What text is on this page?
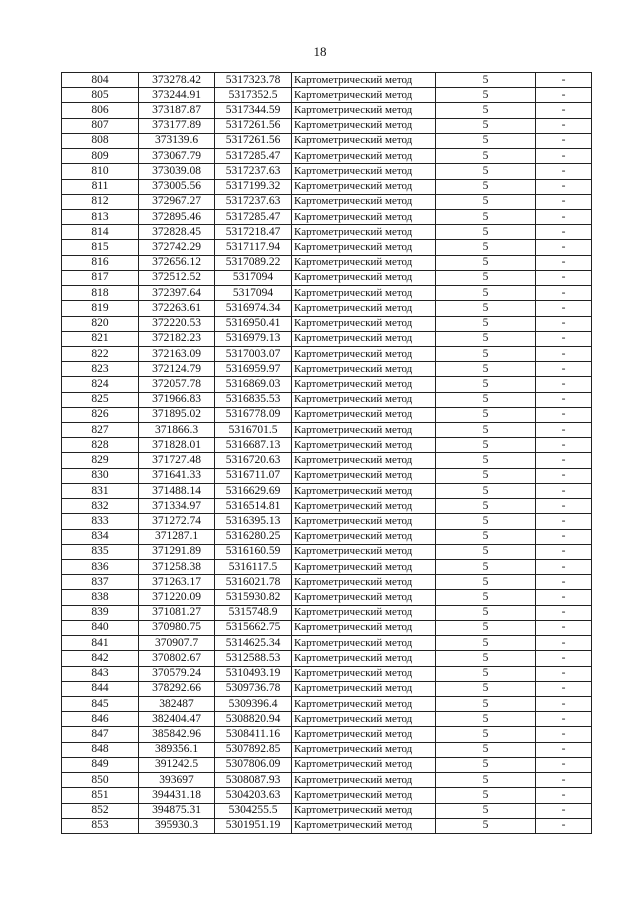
18
804	373278.42	5317323.78	Картометрический метод	5	-
805	373244.91	5317352.5	Картометрический метод	5	-
806	373187.87	5317344.59	Картометрический метод	5	-
807	373177.89	5317261.56	Картометрический метод	5	-
808	373139.6	5317261.56	Картометрический метод	5	-
809	373067.79	5317285.47	Картометрический метод	5	-
810	373039.08	5317237.63	Картометрический метод	5	-
811	373005.56	5317199.32	Картометрический метод	5	-
812	372967.27	5317237.63	Картометрический метод	5	-
813	372895.46	5317285.47	Картометрический метод	5	-
814	372828.45	5317218.47	Картометрический метод	5	-
815	372742.29	5317117.94	Картометрический метод	5	-
816	372656.12	5317089.22	Картометрический метод	5	-
817	372512.52	5317094	Картометрический метод	5	-
818	372397.64	5317094	Картометрический метод	5	-
819	372263.61	5316974.34	Картометрический метод	5	-
820	372220.53	5316950.41	Картометрический метод	5	-
821	372182.23	5316979.13	Картометрический метод	5	-
822	372163.09	5317003.07	Картометрический метод	5	-
823	372124.79	5316959.97	Картометрический метод	5	-
824	372057.78	5316869.03	Картометрический метод	5	-
825	371966.83	5316835.53	Картометрический метод	5	-
826	371895.02	5316778.09	Картометрический метод	5	-
827	371866.3	5316701.5	Картометрический метод	5	-
828	371828.01	5316687.13	Картометрический метод	5	-
829	371727.48	5316720.63	Картометрический метод	5	-
830	371641.33	5316711.07	Картометрический метод	5	-
831	371488.14	5316629.69	Картометрический метод	5	-
832	371334.97	5316514.81	Картометрический метод	5	-
833	371272.74	5316395.13	Картометрический метод	5	-
834	371287.1	5316280.25	Картометрический метод	5	-
835	371291.89	5316160.59	Картометрический метод	5	-
836	371258.38	5316117.5	Картометрический метод	5	-
837	371263.17	5316021.78	Картометрический метод	5	-
838	371220.09	5315930.82	Картометрический метод	5	-
839	371081.27	5315748.9	Картометрический метод	5	-
840	370980.75	5315662.75	Картометрический метод	5	-
841	370907.7	5314625.34	Картометрический метод	5	-
842	370802.67	5312588.53	Картометрический метод	5	-
843	370579.24	5310493.19	Картометрический метод	5	-
844	378292.66	5309736.78	Картометрический метод	5	-
845	382487	5309396.4	Картометрический метод	5	-
846	382404.47	5308820.94	Картометрический метод	5	-
847	385842.96	5308411.16	Картометрический метод	5	-
848	389356.1	5307892.85	Картометрический метод	5	-
849	391242.5	5307806.09	Картометрический метод	5	-
850	393697	5308087.93	Картометрический метод	5	-
851	394431.18	5304203.63	Картометрический метод	5	-
852	394875.31	5304255.5	Картометрический метод	5	-
853	395930.3	5301951.19	Картометрический метод	5	-
